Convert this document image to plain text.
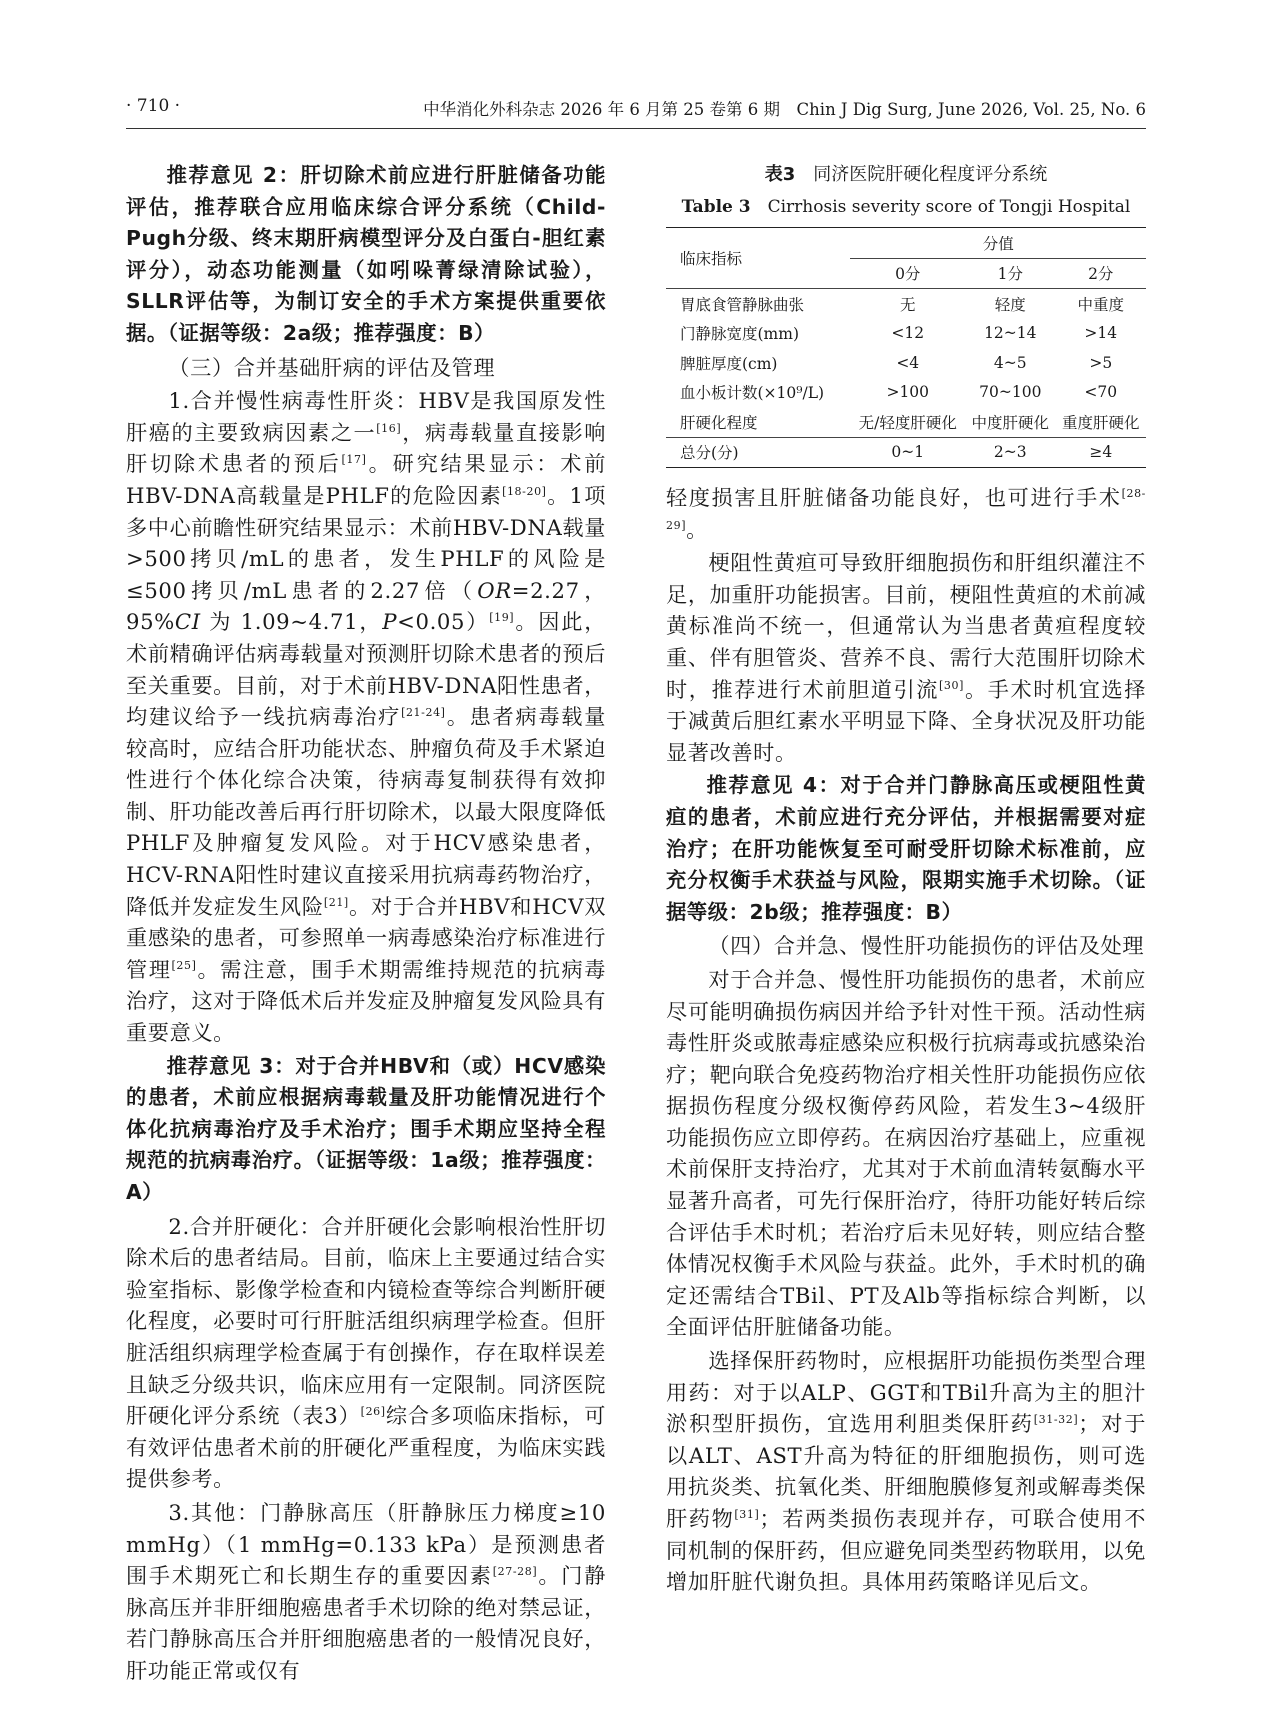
· 710 ·	中华消化外科杂志 2026 年 6 月第 25 卷第 6 期　Chin J Dig Surg, June 2026, Vol. 25, No. 6

推荐意见 2：肝切除术前应进行肝脏储备功能评估，推荐联合应用临床综合评分系统（Child-Pugh分级、终末期肝病模型评分及白蛋白-胆红素评分），动态功能测量（如吲哚菁绿清除试验），SLLR评估等，为制订安全的手术方案提供重要依据。（证据等级：2a级；推荐强度：B）

（三）合并基础肝病的评估及管理

1.合并慢性病毒性肝炎：HBV是我国原发性肝癌的主要致病因素之一[16]，病毒载量直接影响肝切除术患者的预后[17]。研究结果显示：术前HBV-DNA高载量是PHLF的危险因素[18-20]。1项多中心前瞻性研究结果显示：术前HBV-DNA载量>500拷贝/mL的患者，发生PHLF的风险是≤500拷贝/mL患者的2.27倍（OR=2.27，95%CI 为 1.09~4.71，P<0.05）[19]。因此，术前精确评估病毒载量对预测肝切除术患者的预后至关重要。目前，对于术前HBV-DNA阳性患者，均建议给予一线抗病毒治疗[21-24]。患者病毒载量较高时，应结合肝功能状态、肿瘤负荷及手术紧迫性进行个体化综合决策，待病毒复制获得有效抑制、肝功能改善后再行肝切除术，以最大限度降低PHLF及肿瘤复发风险。对于HCV感染患者，HCV-RNA阳性时建议直接采用抗病毒药物治疗，降低并发症发生风险[21]。对于合并HBV和HCV双重感染的患者，可参照单一病毒感染治疗标准进行管理[25]。需注意，围手术期需维持规范的抗病毒治疗，这对于降低术后并发症及肿瘤复发风险具有重要意义。

推荐意见 3：对于合并HBV和（或）HCV感染的患者，术前应根据病毒载量及肝功能情况进行个体化抗病毒治疗及手术治疗；围手术期应坚持全程规范的抗病毒治疗。（证据等级：1a级；推荐强度：A）

2.合并肝硬化：合并肝硬化会影响根治性肝切除术后的患者结局。目前，临床上主要通过结合实验室指标、影像学检查和内镜检查等综合判断肝硬化程度，必要时可行肝脏活组织病理学检查。但肝脏活组织病理学检查属于有创操作，存在取样误差且缺乏分级共识，临床应用有一定限制。同济医院肝硬化评分系统（表3）[26]综合多项临床指标，可有效评估患者术前的肝硬化严重程度，为临床实践提供参考。

3.其他：门静脉高压（肝静脉压力梯度≥10 mmHg）（1 mmHg=0.133 kPa）是预测患者围手术期死亡和长期生存的重要因素[27-28]。门静脉高压并非肝细胞癌患者手术切除的绝对禁忌证，若门静脉高压合并肝细胞癌患者的一般情况良好，肝功能正常或仅有

表3　 同济医院肝硬化程度评分系统

Table 3　 Cirrhosis severity score of Tongji Hospital

临床指标	分值		
	0分	1分	2分
胃底食管静脉曲张	无	轻度	中重度
门静脉宽度(mm)	<12	12~14	>14
脾脏厚度(cm)	<4	4~5	>5
血小板计数(×10⁹/L)	>100	70~100	<70
肝硬化程度	无/轻度肝硬化	中度肝硬化	重度肝硬化
总分(分)	0~1	2~3	≥4

轻度损害且肝脏储备功能良好，也可进行手术[28-29]。

梗阻性黄疸可导致肝细胞损伤和肝组织灌注不足，加重肝功能损害。目前，梗阻性黄疸的术前减黄标准尚不统一，但通常认为当患者黄疸程度较重、伴有胆管炎、营养不良、需行大范围肝切除术时，推荐进行术前胆道引流[30]。手术时机宜选择于减黄后胆红素水平明显下降、全身状况及肝功能显著改善时。

推荐意见 4：对于合并门静脉高压或梗阻性黄疸的患者，术前应进行充分评估，并根据需要对症治疗；在肝功能恢复至可耐受肝切除术标准前，应充分权衡手术获益与风险，限期实施手术切除。（证据等级：2b级；推荐强度：B）

（四）合并急、慢性肝功能损伤的评估及处理

对于合并急、慢性肝功能损伤的患者，术前应尽可能明确损伤病因并给予针对性干预。活动性病毒性肝炎或脓毒症感染应积极行抗病毒或抗感染治疗；靶向联合免疫药物治疗相关性肝功能损伤应依据损伤程度分级权衡停药风险，若发生3~4级肝功能损伤应立即停药。在病因治疗基础上，应重视术前保肝支持治疗，尤其对于术前血清转氨酶水平显著升高者，可先行保肝治疗，待肝功能好转后综合评估手术时机；若治疗后未见好转，则应结合整体情况权衡手术风险与获益。此外，手术时机的确定还需结合TBil、PT及Alb等指标综合判断，以全面评估肝脏储备功能。

选择保肝药物时，应根据肝功能损伤类型合理用药：对于以ALP、GGT和TBil升高为主的胆汁淤积型肝损伤，宜选用利胆类保肝药[31-32]；对于以ALT、AST升高为特征的肝细胞损伤，则可选用抗炎类、抗氧化类、肝细胞膜修复剂或解毒类保肝药物[31]；若两类损伤表现并存，可联合使用不同机制的保肝药，但应避免同类型药物联用，以免增加肝脏代谢负担。具体用药策略详见后文。
